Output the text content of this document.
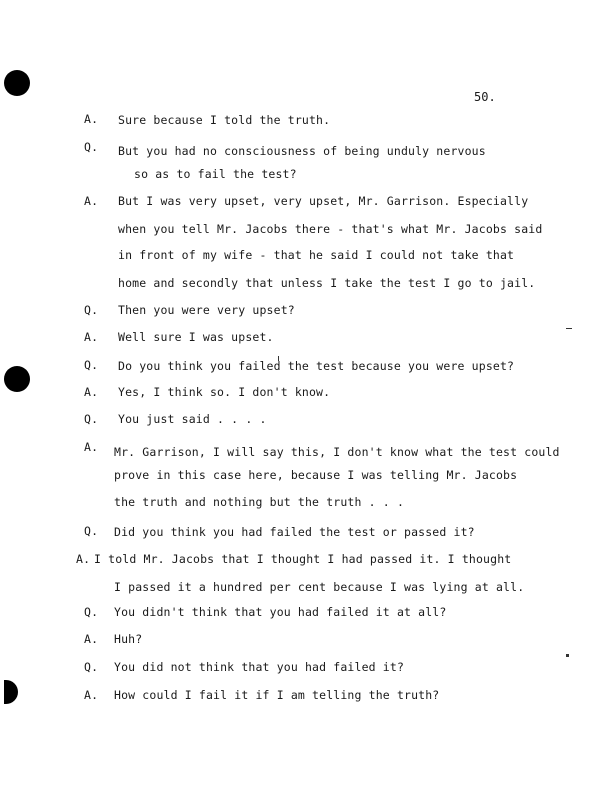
50.
A. Sure because I told the truth.
Q. But you had no consciousness of being unduly nervous
so as to fail the test?
A. But I was very upset, very upset, Mr. Garrison. Especially
when you tell Mr. Jacobs there - that's what Mr. Jacobs said
in front of my wife - that he said I could not take that
home and secondly that unless I take the test I go to jail.
Q. Then you were very upset?
A. Well sure I was upset.
Q. Do you think you failed the test because you were upset?
A. Yes, I think so. I don't know.
Q. You just said . . . .
A. Mr. Garrison, I will say this, I don't know what the test could
prove in this case here, because I was telling Mr. Jacobs
the truth and nothing but the truth . . .
Q. Did you think you had failed the test or passed it?
A. I told Mr. Jacobs that I thought I had passed it. I thought
I passed it a hundred per cent because I was lying at all.
Q. You didn't think that you had failed it at all?
A. Huh?
Q. You did not think that you had failed it?
A. How could I fail it if I am telling the truth?
